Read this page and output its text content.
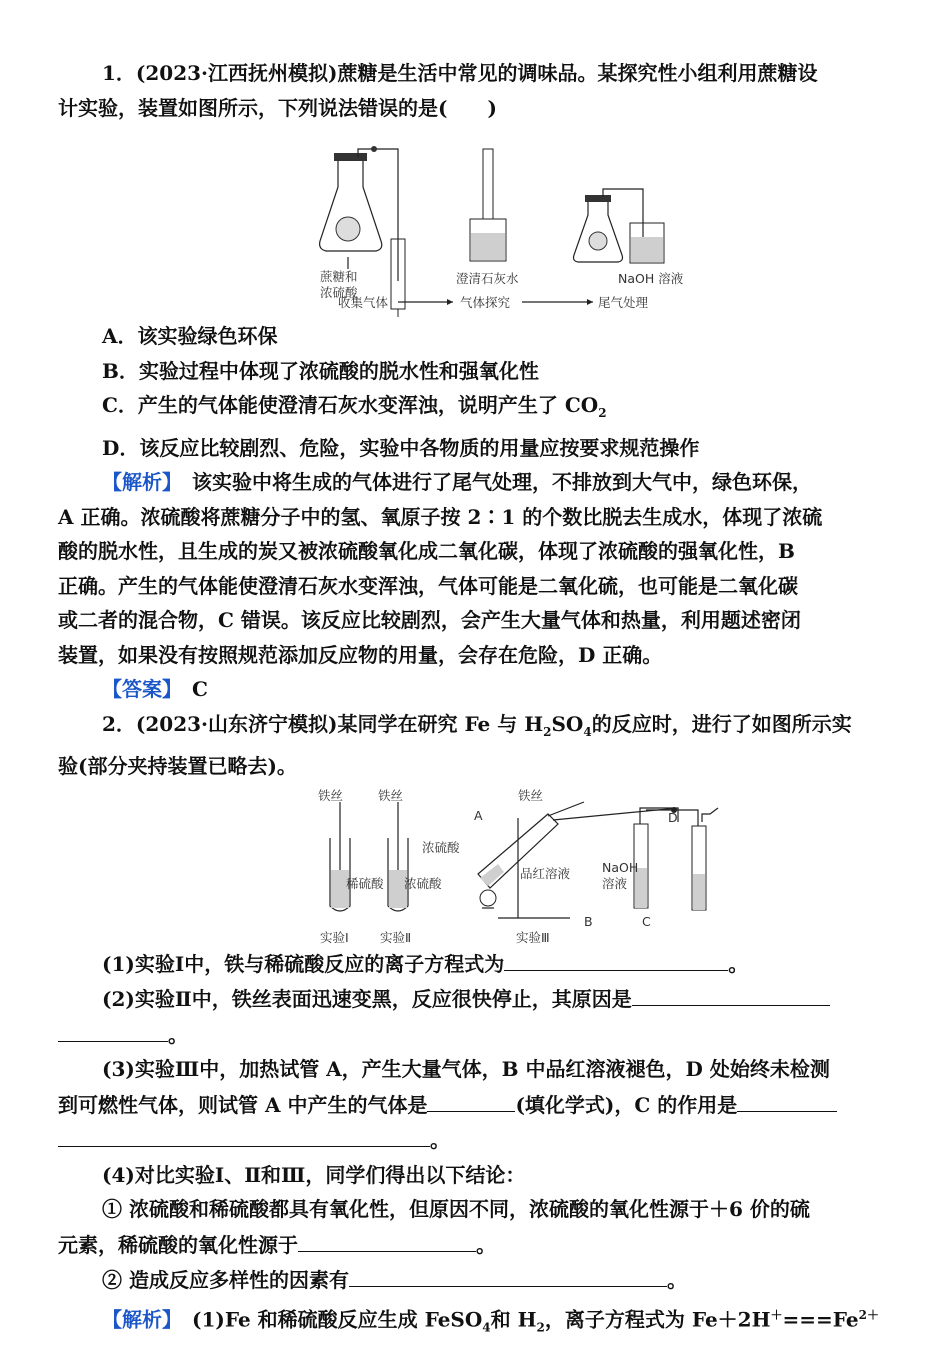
1．(2023·江西抚州模拟)蔗糖是生活中常见的调味品。某探究性小组利用蔗糖设

计实验，装置如图所示，下列说法错误的是(　　)

蔗糖和
浓硫酸
澄清石灰水	NaOH 溶液
收集气体	气体探究	尾气处理

A．该实验绿色环保

B．实验过程中体现了浓硫酸的脱水性和强氧化性

C．产生的气体能使澄清石灰水变浑浊，说明产生了 $CO_2$

D．该反应比较剧烈、危险，实验中各物质的用量应按要求规范操作

【解析】　 该实验中将生成的气体进行了尾气处理，不排放到大气中，绿色环保，

A 正确。浓硫酸将蔗糖分子中的氢、氧原子按 2∶1 的个数比脱去生成水，体现了浓硫

酸的脱水性，且生成的炭又被浓硫酸氧化成二氧化碳，体现了浓硫酸的强氧化性，B

正确。产生的气体能使澄清石灰水变浑浊，气体可能是二氧化硫，也可能是二氧化碳

或二者的混合物，C 错误。该反应比较剧烈，会产生大量气体和热量，利用题述密闭

装置，如果没有按照规范添加反应物的用量，会存在危险，D 正确。

【答案】　 C

2．(2023·山东济宁模拟)某同学在研究 Fe 与 $H_2SO_4$的反应时，进行了如图所示实

验(部分夹持装置已略去)。

铁丝
稀硫酸
实验Ⅰ
铁丝
浓硫酸
实验Ⅱ
铁丝
A
浓硫酸
品红溶液	NaOH
溶液
B	C
D
实验Ⅲ

(1)实验Ⅰ中，铁与稀硫酸反应的离子方程式为	。

(2)实验Ⅱ中，铁丝表面迅速变黑，反应很快停止，其原因是

。

(3)实验Ⅲ中，加热试管 A，产生大量气体，B 中品红溶液褪色，D 处始终未检测

到可燃性气体，则试管 A 中产生的气体是	(填化学式)，C 的作用是

。

(4)对比实验Ⅰ、Ⅱ和Ⅲ，同学们得出以下结论：

① 浓硫酸和稀硫酸都具有氧化性，但原因不同，浓硫酸的氧化性源于＋6 价的硫

元素，稀硫酸的氧化性源于	。

② 造成反应多样性的因素有	。

【解析】　 (1)Fe 和稀硫酸反应生成 FeSO$_4$和 $H_2$，离子方程式为 $Fe+2H^+===Fe^{2+}$
